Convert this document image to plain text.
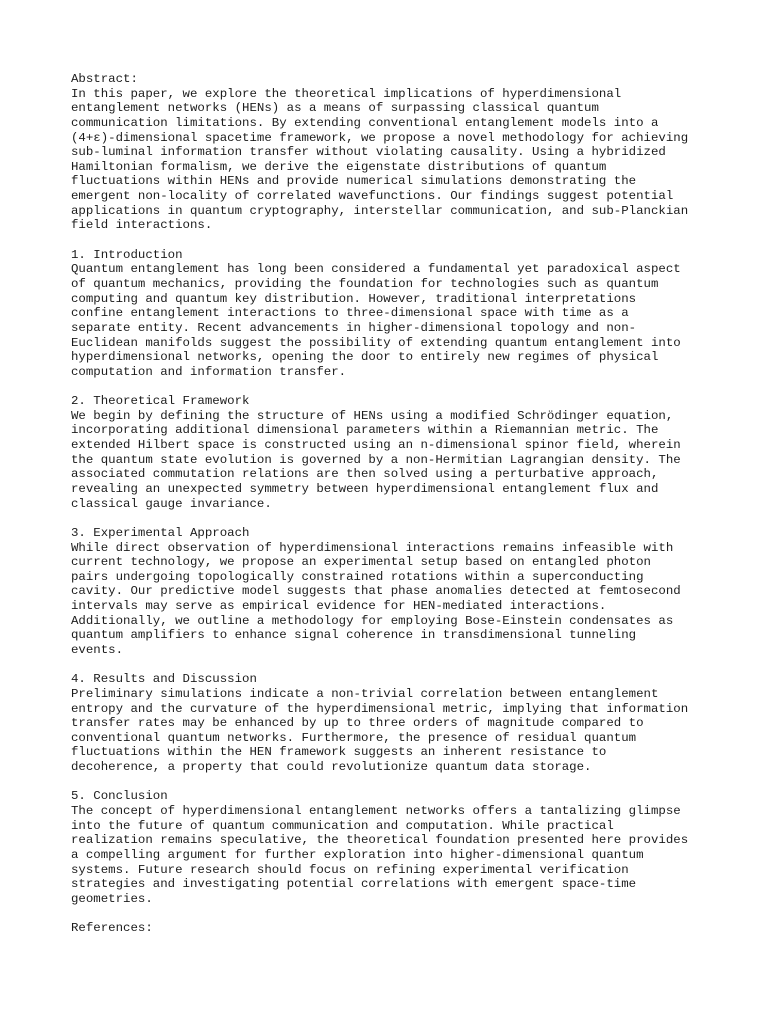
Abstract:

In this paper, we explore the theoretical implications of hyperdimensional

entanglement networks (HENs) as a means of surpassing classical quantum

communication limitations. By extending conventional entanglement models into a

(4+ε)-dimensional spacetime framework, we propose a novel methodology for achieving

sub-luminal information transfer without violating causality. Using a hybridized

Hamiltonian formalism, we derive the eigenstate distributions of quantum

fluctuations within HENs and provide numerical simulations demonstrating the

emergent non-locality of correlated wavefunctions. Our findings suggest potential

applications in quantum cryptography, interstellar communication, and sub-Planckian

field interactions.

1. Introduction

Quantum entanglement has long been considered a fundamental yet paradoxical aspect

of quantum mechanics, providing the foundation for technologies such as quantum

computing and quantum key distribution. However, traditional interpretations

confine entanglement interactions to three-dimensional space with time as a

separate entity. Recent advancements in higher-dimensional topology and non-

Euclidean manifolds suggest the possibility of extending quantum entanglement into

hyperdimensional networks, opening the door to entirely new regimes of physical

computation and information transfer.

2. Theoretical Framework

We begin by defining the structure of HENs using a modified Schrödinger equation,

incorporating additional dimensional parameters within a Riemannian metric. The

extended Hilbert space is constructed using an n-dimensional spinor field, wherein

the quantum state evolution is governed by a non-Hermitian Lagrangian density. The

associated commutation relations are then solved using a perturbative approach,

revealing an unexpected symmetry between hyperdimensional entanglement flux and

classical gauge invariance.

3. Experimental Approach

While direct observation of hyperdimensional interactions remains infeasible with

current technology, we propose an experimental setup based on entangled photon

pairs undergoing topologically constrained rotations within a superconducting

cavity. Our predictive model suggests that phase anomalies detected at femtosecond

intervals may serve as empirical evidence for HEN-mediated interactions.

Additionally, we outline a methodology for employing Bose-Einstein condensates as

quantum amplifiers to enhance signal coherence in transdimensional tunneling

events.

4. Results and Discussion

Preliminary simulations indicate a non-trivial correlation between entanglement

entropy and the curvature of the hyperdimensional metric, implying that information

transfer rates may be enhanced by up to three orders of magnitude compared to

conventional quantum networks. Furthermore, the presence of residual quantum

fluctuations within the HEN framework suggests an inherent resistance to

decoherence, a property that could revolutionize quantum data storage.

5. Conclusion

The concept of hyperdimensional entanglement networks offers a tantalizing glimpse

into the future of quantum communication and computation. While practical

realization remains speculative, the theoretical foundation presented here provides

a compelling argument for further exploration into higher-dimensional quantum

systems. Future research should focus on refining experimental verification

strategies and investigating potential correlations with emergent space-time

geometries.

References:
